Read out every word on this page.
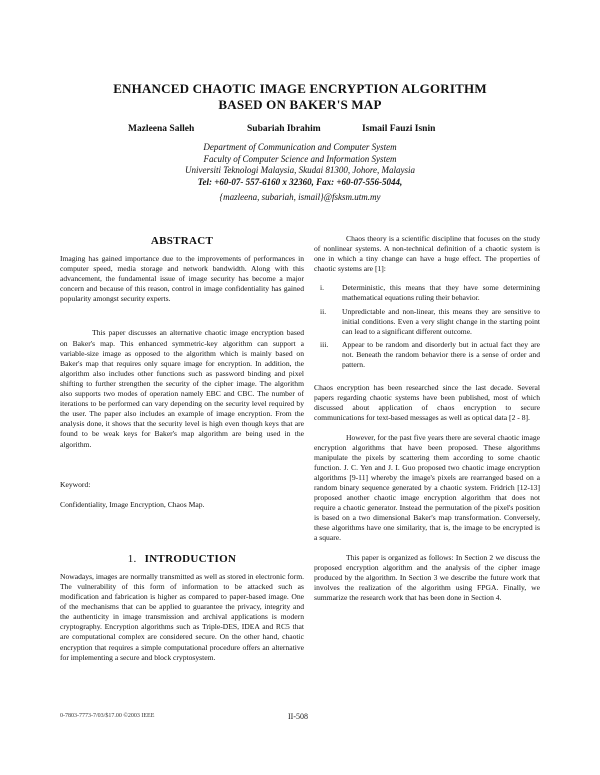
ENHANCED CHAOTIC IMAGE ENCRYPTION ALGORITHM
BASED ON BAKER'S MAP
Mazleena Salleh	Subariah Ibrahim	Ismail Fauzi Isnin
Department of Communication and Computer System
Faculty of Computer Science and Information System
Universiti Teknologi Malaysia, Skudai 81300, Johore, Malaysia
Tel: +60-07- 557-6160 x 32360, Fax: +60-07-556-5044,
{mazleena, subariah, ismail}@fsksm.utm.my
ABSTRACT

Imaging has gained importance due to the improvements of performances in computer speed, media storage and network bandwidth. Along with this advancement, the fundamental issue of image security has become a major concern and because of this reason, control in image confidentiality has gained popularity amongst security experts.

This paper discusses an alternative chaotic image encryption based on Baker's map. This enhanced symmetric-key algorithm can support a variable-size image as opposed to the algorithm which is mainly based on Baker's map that requires only square image for encryption. In addition, the algorithm also includes other functions such as password binding and pixel shifting to further strengthen the security of the cipher image. The algorithm also supports two modes of operation namely EBC and CBC. The number of iterations to be performed can vary depending on the security level required by the user. The paper also includes an example of image encryption. From the analysis done, it shows that the security level is high even though keys that are found to be weak keys for Baker's map algorithm are being used in the algorithm.

Keyword:
Confidentiality, Image Encryption, Chaos Map.
1. INTRODUCTION

Nowadays, images are normally transmitted as well as stored in electronic form. The vulnerability of this form of information to be attacked such as modification and fabrication is higher as compared to paper-based image. One of the mechanisms that can be applied to guarantee the privacy, integrity and the authenticity in image transmission and archival applications is modern cryptography. Encryption algorithms such as Triple-DES, IDEA and RC5 that are computational complex are considered secure. On the other hand, chaotic encryption that requires a simple computational procedure offers an alternative for implementing a secure and block cryptosystem.

Chaos theory is a scientific discipline that focuses on the study of nonlinear systems. A non-technical definition of a chaotic system is one in which a tiny change can have a huge effect. The properties of chaotic systems are [1]:

i. Deterministic, this means that they have some determining mathematical equations ruling their behavior.
ii. Unpredictable and non-linear, this means they are sensitive to initial conditions. Even a very slight change in the starting point can lead to a significant different outcome.
iii. Appear to be random and disorderly but in actual fact they are not. Beneath the random behavior there is a sense of order and pattern.

Chaos encryption has been researched since the last decade. Several papers regarding chaotic systems have been published, most of which discussed about application of chaos encryption to secure communications for text-based messages as well as optical data [2 - 8].

However, for the past five years there are several chaotic image encryption algorithms that have been proposed. These algorithms manipulate the pixels by scattering them according to some chaotic function. J. C. Yen and J. I. Guo proposed two chaotic image encryption algorithms [9-11] whereby the image's pixels are rearranged based on a random binary sequence generated by a chaotic system. Fridrich [12-13] proposed another chaotic image encryption algorithm that does not require a chaotic generator. Instead the permutation of the pixel's position is based on a two dimensional Baker's map transformation. Conversely, these algorithms have one similarity, that is, the image to be encrypted is a square.

This paper is organized as follows: In Section 2 we discuss the proposed encryption algorithm and the analysis of the cipher image produced by the algorithm. In Section 3 we describe the future work that involves the realization of the algorithm using FPGA. Finally, we summarize the research work that has been done in Section 4.

0-7803-7773-7/03/$17.00 ©2003 IEEE	II-508
